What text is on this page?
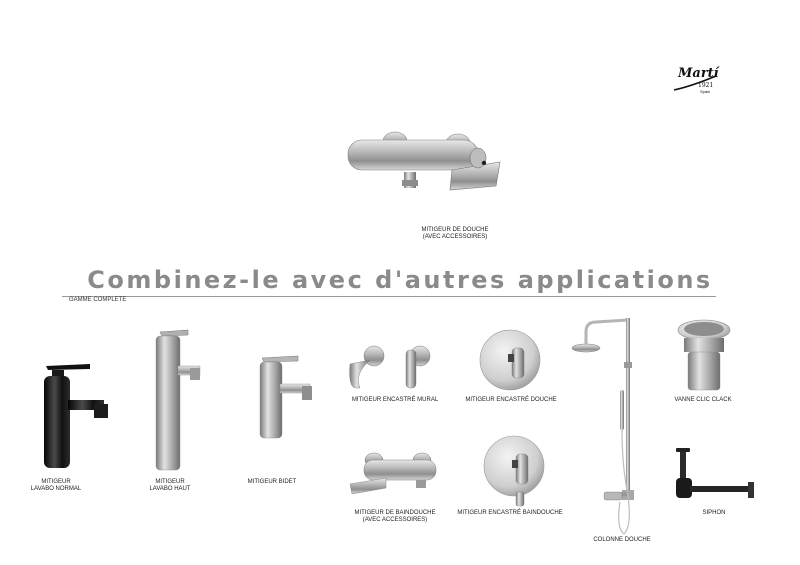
Martí
1921
Spain
MITIGEUR DE DOUCHE
(AVEC ACCESSOIRES)
Combinez-le avec d'autres applications
GAMME COMPLETE
MITIGEUR
LAVABO NORMAL
MITIGEUR
LAVABO HAUT
MITIGEUR BIDET
MITIGEUR ENCASTRÉ MURAL	MITIGEUR ENCASTRÉ DOUCHE
MITIGEUR DE BAINDOUCHE
(AVEC ACCESSOIRES)
MITIGEUR ENCASTRÉ BAINDOUCHE
COLONNE DOUCHE
VANNE CLIC CLACK
SIPHON
